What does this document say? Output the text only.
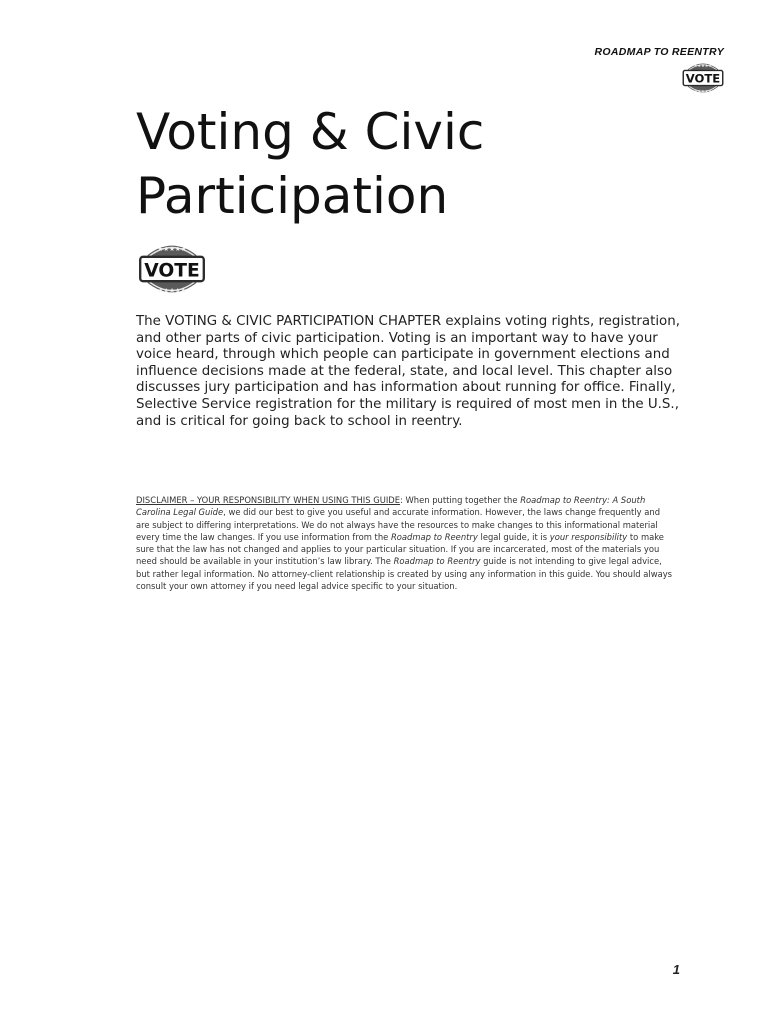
ROADMAP TO REENTRY
★★★★★
★★★★★
VOTE
Voting & Civic
Participation
★★★★★
★★★★★
VOTE

The VOTING & CIVIC PARTICIPATION CHAPTER explains voting rights, registration, and other parts of civic participation. Voting is an important way to have your voice heard, through which people can participate in government elections and influence decisions made at the federal, state, and local level. This chapter also discusses jury participation and has information about running for office. Finally, Selective Service registration for the military is required of most men in the U.S., and is critical for going back to school in reentry.

DISCLAIMER – YOUR RESPONSIBILITY WHEN USING THIS GUIDE: When putting together the Roadmap to Reentry: A South Carolina Legal Guide, we did our best to give you useful and accurate information. However, the laws change frequently and are subject to differing interpretations. We do not always have the resources to make changes to this informational material every time the law changes. If you use information from the Roadmap to Reentry legal guide, it is your responsibility to make sure that the law has not changed and applies to your particular situation. If you are incarcerated, most of the materials you need should be available in your institution’s law library. The Roadmap to Reentry guide is not intending to give legal advice, but rather legal information. No attorney-client relationship is created by using any information in this guide. You should always consult your own attorney if you need legal advice specific to your situation.

1
